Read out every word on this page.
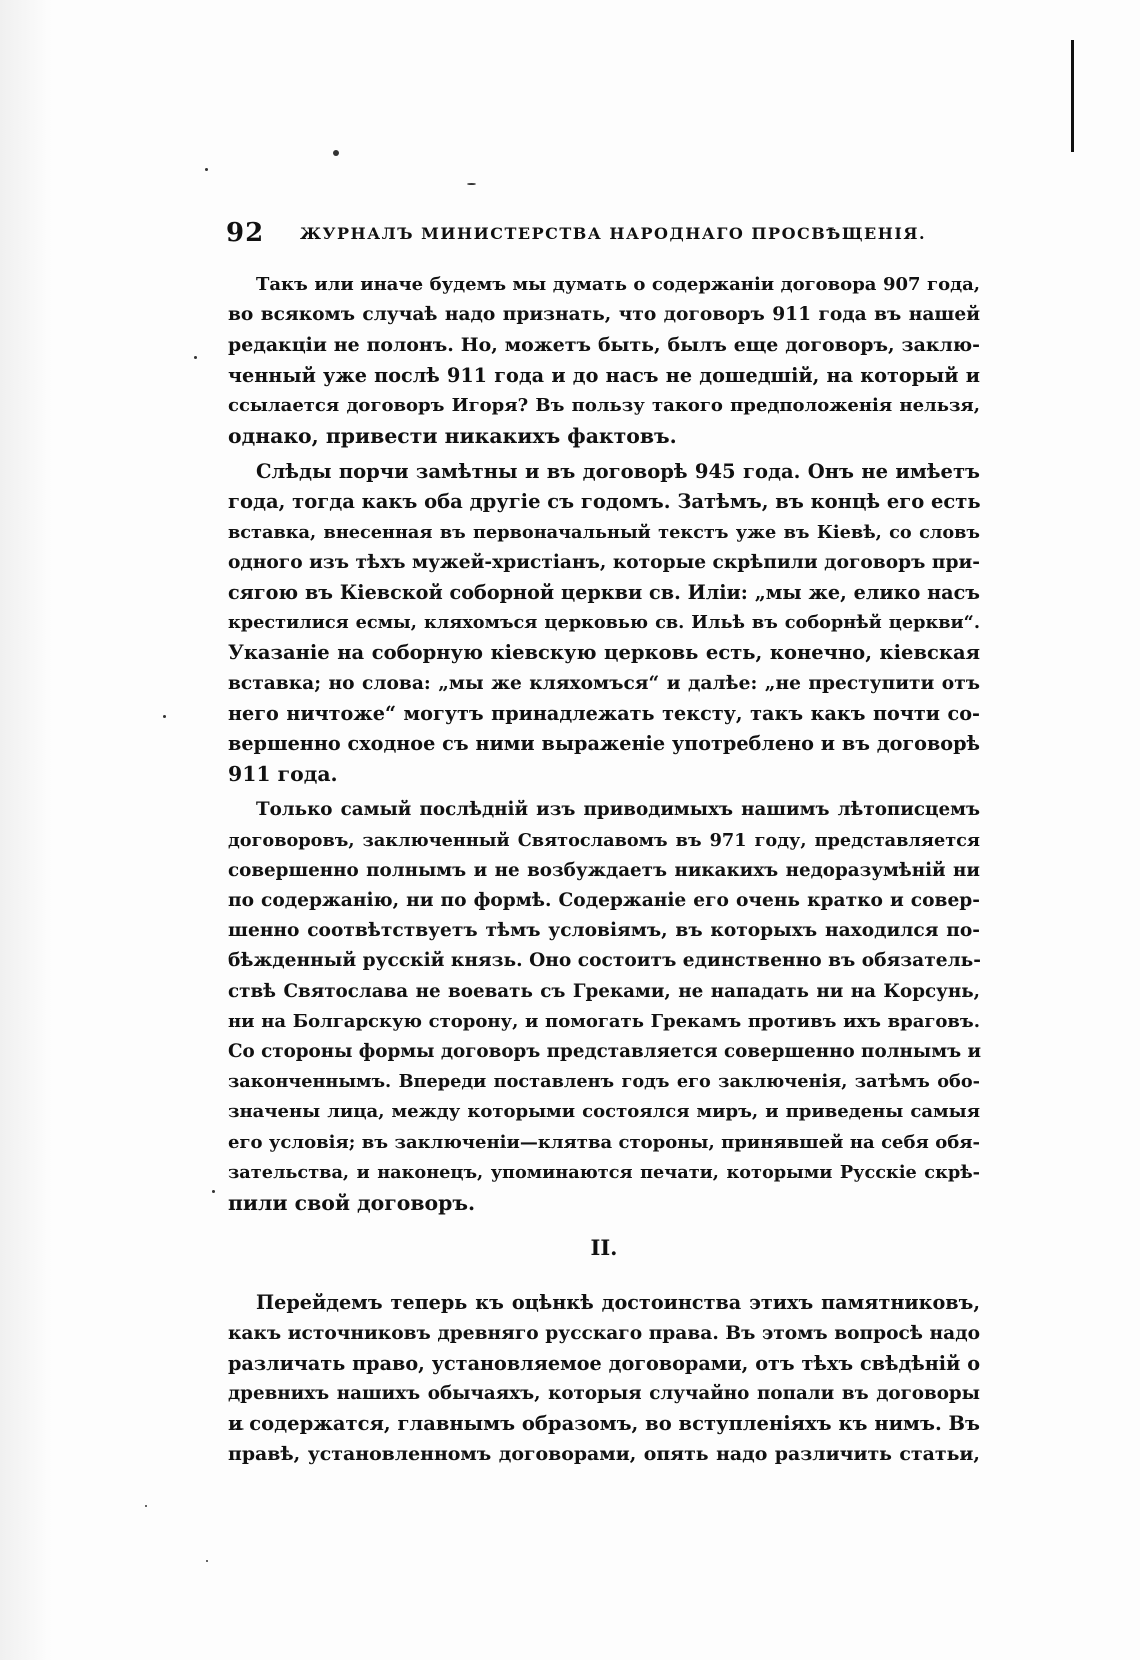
92 ЖУРНАЛЪ МИНИСТЕРСТВА НАРОДНАГО ПРОСВѢЩЕНІЯ.

Такъ или иначе будемъ мы думать о содержаніи договора 907 года,

во всякомъ случаѣ надо признать, что договоръ 911 года въ нашей

редакціи не полонъ. Но, можетъ быть, былъ еще договоръ, заклю-

ченный уже послѣ 911 года и до насъ не дошедшій, на который и

ссылается договоръ Игоря? Въ пользу такого предположенія нельзя,

однако, привести никакихъ фактовъ.

Слѣды порчи замѣтны и въ договорѣ 945 года. Онъ не имѣетъ

года, тогда какъ оба другіе съ годомъ. Затѣмъ, въ концѣ его есть

вставка, внесенная въ первоначальный текстъ уже въ Кіевѣ, со словъ

одного изъ тѣхъ мужей-христіанъ, которые скрѣпили договоръ при-

сягою въ Кіевской соборной церкви св. Иліи: „мы же, елико насъ

крестилися есмы, кляхомъся церковью св. Ильѣ въ соборнѣй церкви“.

Указаніе на соборную кіевскую церковь есть, конечно, кіевская

вставка; но слова: „мы же кляхомъся“ и далѣе: „не преступити отъ

него ничтоже“ могутъ принадлежать тексту, такъ какъ почти со-

вершенно сходное съ ними выраженіе употреблено и въ договорѣ

911 года.

Только самый послѣдній изъ приводимыхъ нашимъ лѣтописцемъ

договоровъ, заключенный Святославомъ въ 971 году, представляется

совершенно полнымъ и не возбуждаетъ никакихъ недоразумѣній ни

по содержанію, ни по формѣ. Содержаніе его очень кратко и совер-

шенно соотвѣтствуетъ тѣмъ условіямъ, въ которыхъ находился по-

бѣжденный русскій князь. Оно состоитъ единственно въ обязатель-

ствѣ Святослава не воевать съ Греками, не нападать ни на Корсунь,

ни на Болгарскую сторону, и помогать Грекамъ противъ ихъ враговъ.

Со стороны формы договоръ представляется совершенно полнымъ и

законченнымъ. Впереди поставленъ годъ его заключенія, затѣмъ обо-

значены лица, между которыми состоялся миръ, и приведены самыя

его условія; въ заключеніи—клятва стороны, принявшей на себя обя-

зательства, и наконецъ, упоминаются печати, которыми Русскіе скрѣ-

пили свой договоръ.

II.

Перейдемъ теперь къ оцѣнкѣ достоинства этихъ памятниковъ,

какъ источниковъ древняго русскаго права. Въ этомъ вопросѣ надо

различать право, установляемое договорами, отъ тѣхъ свѣдѣній о

древнихъ нашихъ обычаяхъ, которыя случайно попали въ договоры

и содержатся, главнымъ образомъ, во вступленіяхъ къ нимъ. Въ

правѣ, установленномъ договорами, опять надо различить статьи,
